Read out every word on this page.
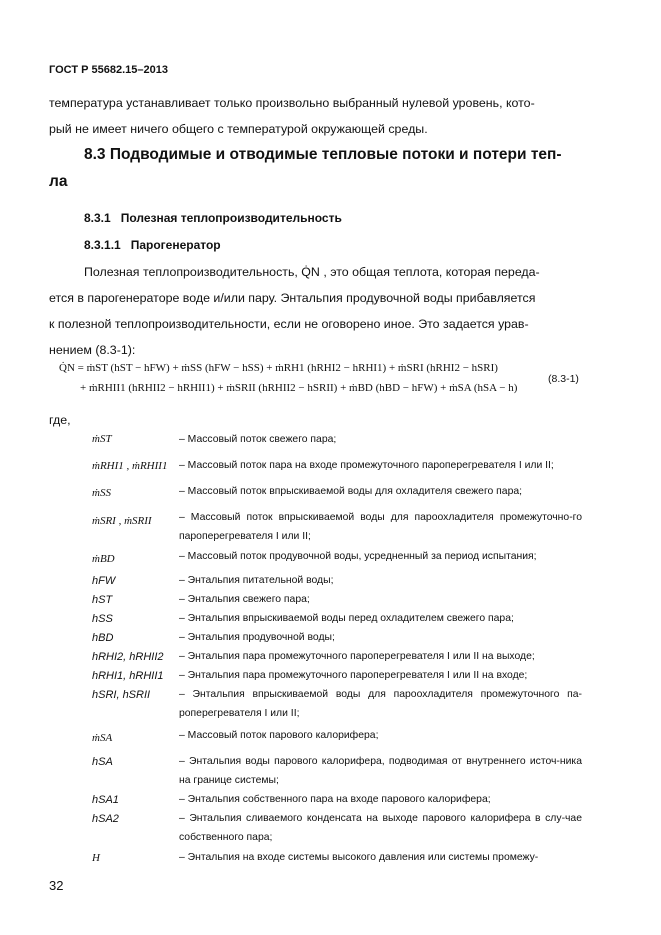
ГОСТ Р 55682.15–2013
температура устанавливает только произвольно выбранный нулевой уровень, кото-
рый не имеет ничего общего с температурой окружающей среды.
8.3 Подводимые и отводимые тепловые потоки и потери теп-
ла
8.3.1   Полезная теплопроизводительность
8.3.1.1   Парогенератор
Полезная теплопроизводительность, Q̇N , это общая теплота, которая переда-
ется в парогенераторе воде и/или пару. Энтальпия продувочной воды прибавляется
к полезной теплопроизводительности, если не оговорено иное. Это задается урав-
нением (8.3-1):
Q̇N = ṁST (hST − hFW) + ṁSS (hFW − hSS) + ṁRH1 (hRHI2 − hRHI1) + ṁSRI (hRHI2 − hSRI)
+ ṁRHII1 (hRHII2 − hRHII1) + ṁSRII (hRHII2 − hSRII) + ṁBD (hBD − hFW) + ṁSA (hSA − h)
(8.3-1)
где,
ṁST	– Массовый поток свежего пара;
ṁRHI1 , ṁRHII1 – Массовый поток пара на входе промежуточного пароперегревателя I или II;
ṁSS	– Массовый поток впрыскиваемой воды для охладителя свежего пара;
ṁSRI , ṁSRII	– Массовый поток впрыскиваемой воды для пароохладителя промежуточно-го пароперегревателя I или II;
ṁBD	– Массовый поток продувочной воды, усредненный за период испытания;
hFW	– Энтальпия питательной воды;
hST	– Энтальпия свежего пара;
hSS	– Энтальпия впрыскиваемой воды перед охладителем свежего пара;
hBD	– Энтальпия продувочной воды;
hRHI2, hRHII2 – Энтальпия пара промежуточного пароперегревателя I или II на выходе;
hRHI1, hRHII1 – Энтальпия пара промежуточного пароперегревателя I или II на входе;
hSRI, hSRII	– Энтальпия впрыскиваемой воды для пароохладителя промежуточного па-роперегревателя I или II;
ṁSA	– Массовый поток парового калорифера;
hSA	– Энтальпия воды парового калорифера, подводимая от внутреннего источ-ника на границе системы;
hSA1	– Энтальпия собственного пара на входе парового калорифера;
hSA2	– Энтальпия сливаемого конденсата на выходе парового калорифера в слу-чае собственного пара;
H	– Энтальпия на входе системы высокого давления или системы промежу-
32
